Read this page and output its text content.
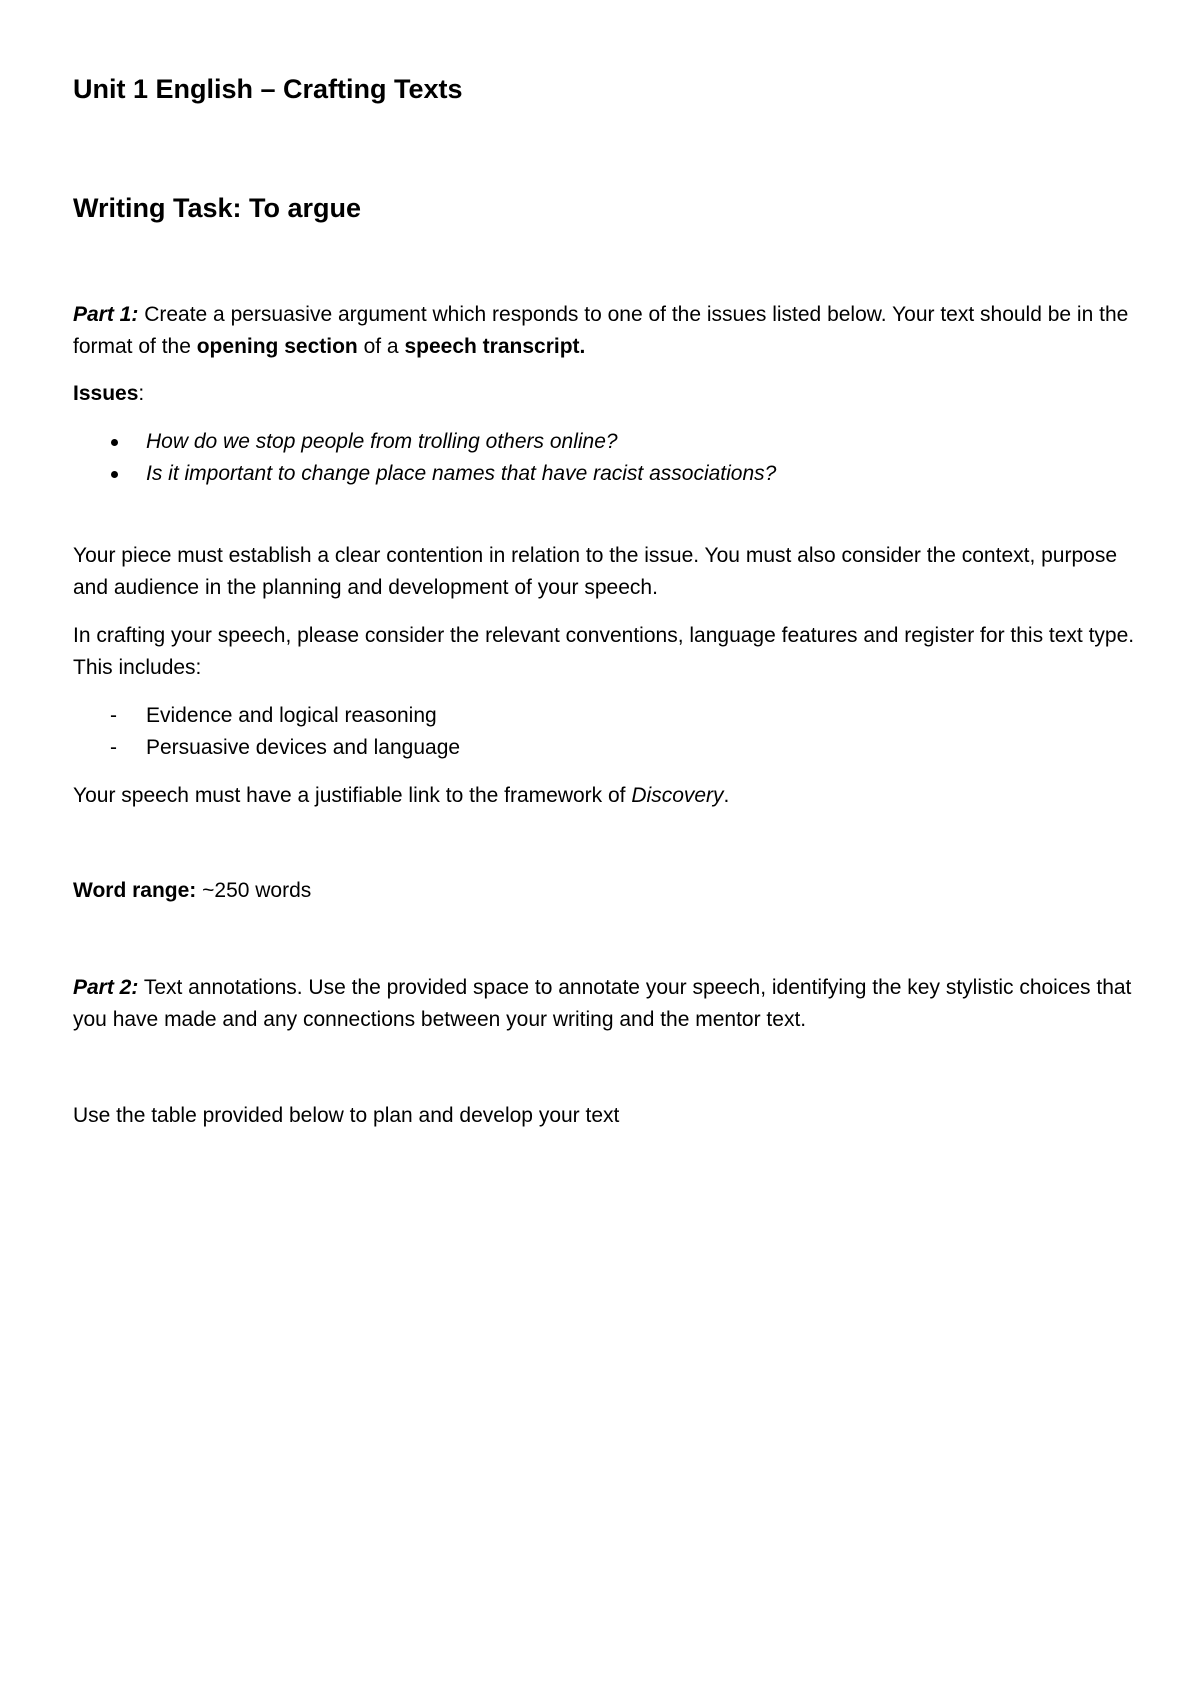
Unit 1 English – Crafting Texts
Writing Task: To argue
Part 1: Create a persuasive argument which responds to one of the issues listed below. Your text should be in the format of the opening section of a speech transcript.
Issues:
How do we stop people from trolling others online?
Is it important to change place names that have racist associations?
Your piece must establish a clear contention in relation to the issue. You must also consider the context, purpose and audience in the planning and development of your speech.
In crafting your speech, please consider the relevant conventions, language features and register for this text type. This includes:
- Evidence and logical reasoning
- Persuasive devices and language
Your speech must have a justifiable link to the framework of Discovery.
Word range: ~250 words
Part 2: Text annotations. Use the provided space to annotate your speech, identifying the key stylistic choices that you have made and any connections between your writing and the mentor text.
Use the table provided below to plan and develop your text
